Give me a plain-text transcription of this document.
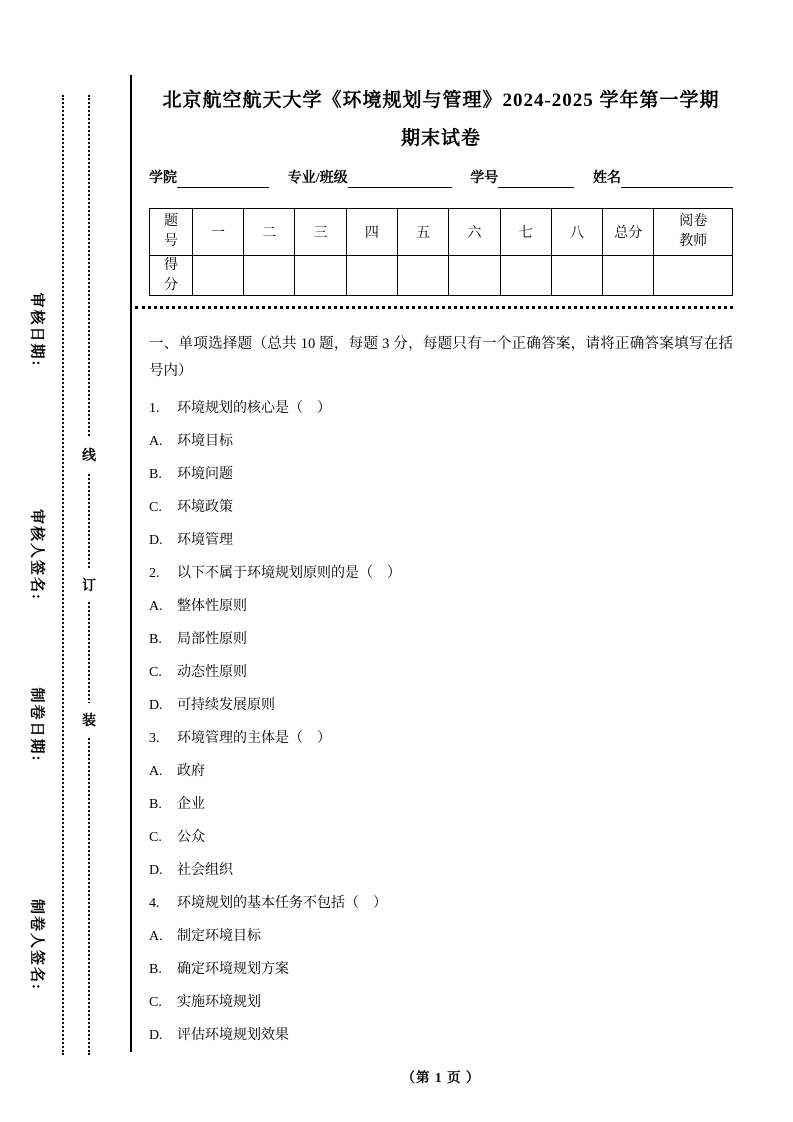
审核日期:
审核人签名:
制卷日期:
制卷人签名:
线
订
装
北京航空航天大学《环境规划与管理》2024-2025 学年第一学期
期末试卷
学院	专业/班级	学号	姓名
题号	一	二	三	四	五	六	七	八	总分	阅卷教师
得分										
一、单项选择题（总共 10 题，每题 3 分，每题只有一个正确答案，请将正确答案填写在括号内）
1.	环境规划的核心是（　）
A.	环境目标
B.	环境问题
C.	环境政策
D.	环境管理
2.	以下不属于环境规划原则的是（　）
A.	整体性原则
B.	局部性原则
C.	动态性原则
D.	可持续发展原则
3.	环境管理的主体是（　）
A.	政府
B.	企业
C.	公众
D.	社会组织
4.	环境规划的基本任务不包括（　）
A.	制定环境目标
B.	确定环境规划方案
C.	实施环境规划
D.	评估环境规划效果
（第 1 页 ）
